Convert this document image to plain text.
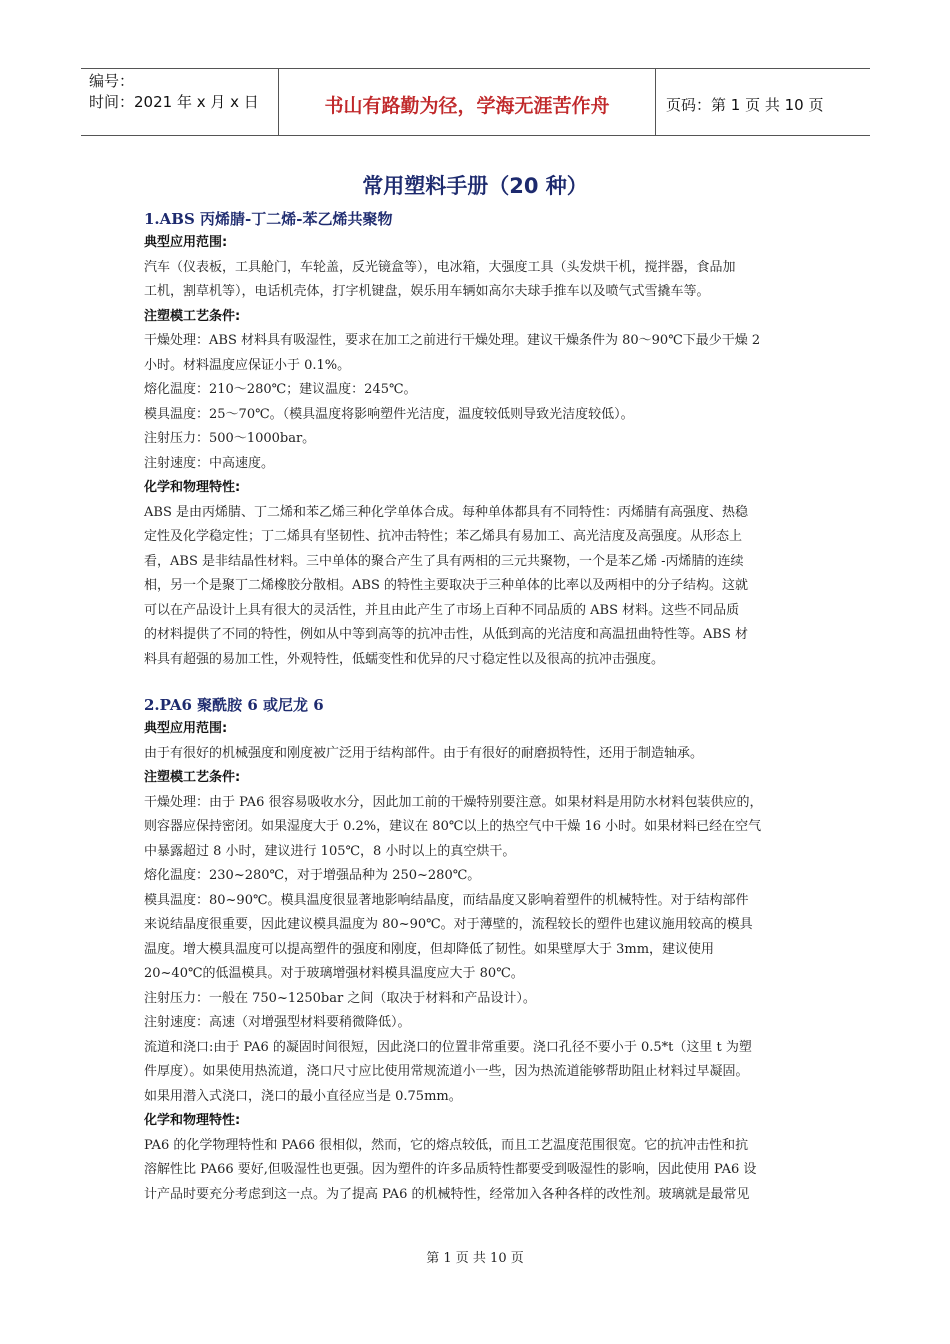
编号：
时间：2021 年 x 月 x 日	书山有路勤为径，学海无涯苦作舟	页码：第 1 页 共 10 页
常用塑料手册（20 种）
1.ABS 丙烯腈-丁二烯-苯乙烯共聚物
典型应用范围:
汽车（仪表板，工具舱门，车轮盖，反光镜盒等），电冰箱，大强度工具（头发烘干机，搅拌器，食品加
工机，割草机等），电话机壳体，打字机键盘，娱乐用车辆如高尔夫球手推车以及喷气式雪撬车等。
注塑模工艺条件:
干燥处理：ABS 材料具有吸湿性，要求在加工之前进行干燥处理。建议干燥条件为 80～90℃下最少干燥 2
小时。材料温度应保证小于 0.1%。
熔化温度：210～280℃；建议温度：245℃。
模具温度：25～70℃。（模具温度将影响塑件光洁度，温度较低则导致光洁度较低）。
注射压力：500～1000bar。
注射速度：中高速度。
化学和物理特性:
ABS 是由丙烯腈、丁二烯和苯乙烯三种化学单体合成。每种单体都具有不同特性：丙烯腈有高强度、热稳
定性及化学稳定性；丁二烯具有坚韧性、抗冲击特性；苯乙烯具有易加工、高光洁度及高强度。从形态上
看，ABS 是非结晶性材料。三中单体的聚合产生了具有两相的三元共聚物，一个是苯乙烯 -丙烯腈的连续
相，另一个是聚丁二烯橡胶分散相。ABS 的特性主要取决于三种单体的比率以及两相中的分子结构。这就
可以在产品设计上具有很大的灵活性，并且由此产生了市场上百种不同品质的 ABS 材料。这些不同品质
的材料提供了不同的特性，例如从中等到高等的抗冲击性，从低到高的光洁度和高温扭曲特性等。ABS 材
料具有超强的易加工性，外观特性，低蠕变性和优异的尺寸稳定性以及很高的抗冲击强度。
2.PA6 聚酰胺 6 或尼龙 6
典型应用范围:
由于有很好的机械强度和刚度被广泛用于结构部件。由于有很好的耐磨损特性，还用于制造轴承。
注塑模工艺条件:
干燥处理：由于 PA6 很容易吸收水分，因此加工前的干燥特别要注意。如果材料是用防水材料包装供应的，
则容器应保持密闭。如果湿度大于 0.2%，建议在 80℃以上的热空气中干燥 16 小时。如果材料已经在空气
中暴露超过 8 小时，建议进行 105℃，8 小时以上的真空烘干。
熔化温度：230~280℃，对于增强品种为 250~280℃。
模具温度：80~90℃。模具温度很显著地影响结晶度，而结晶度又影响着塑件的机械特性。对于结构部件
来说结晶度很重要，因此建议模具温度为 80~90℃。对于薄壁的，流程较长的塑件也建议施用较高的模具
温度。增大模具温度可以提高塑件的强度和刚度，但却降低了韧性。如果壁厚大于 3mm，建议使用
20~40℃的低温模具。对于玻璃增强材料模具温度应大于 80℃。
注射压力：一般在 750~1250bar 之间（取决于材料和产品设计）。
注射速度：高速（对增强型材料要稍微降低）。
流道和浇口:由于 PA6 的凝固时间很短，因此浇口的位置非常重要。浇口孔径不要小于 0.5*t（这里 t 为塑
件厚度）。如果使用热流道，浇口尺寸应比使用常规流道小一些，因为热流道能够帮助阻止材料过早凝固。
如果用潜入式浇口，浇口的最小直径应当是 0.75mm。
化学和物理特性:
PA6 的化学物理特性和 PA66 很相似，然而，它的熔点较低，而且工艺温度范围很宽。它的抗冲击性和抗
溶解性比 PA66 要好,但吸湿性也更强。因为塑件的许多品质特性都要受到吸湿性的影响，因此使用 PA6 设
计产品时要充分考虑到这一点。为了提高 PA6 的机械特性，经常加入各种各样的改性剂。玻璃就是最常见
第 1 页 共 10 页
